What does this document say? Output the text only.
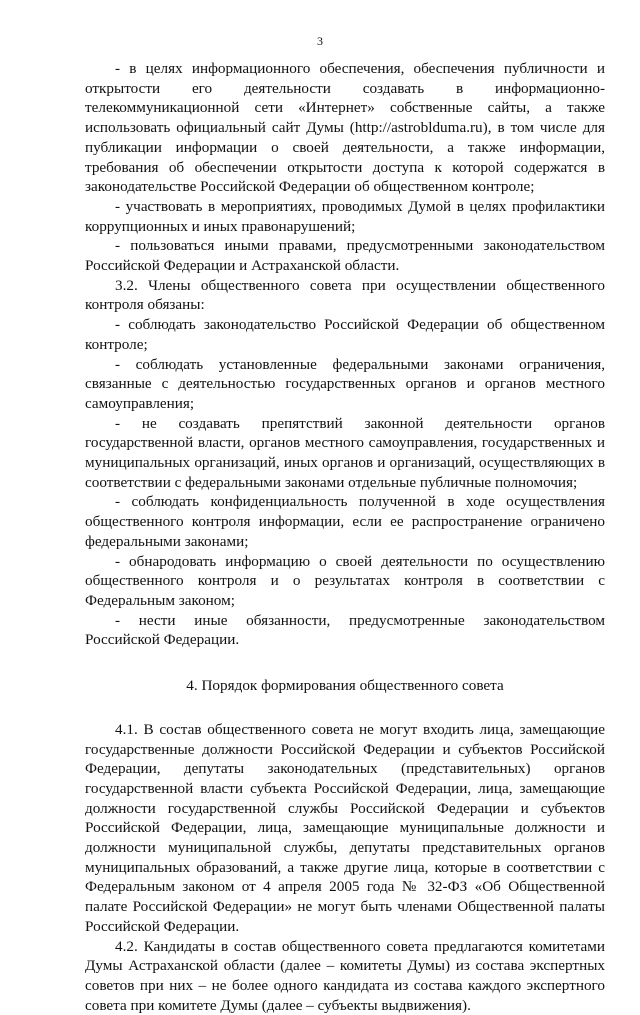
3

- в целях информационного обеспечения, обеспечения публичности и открытости его деятельности создавать в информационно-телекоммуникационной сети «Интернет» собственные сайты, а также использовать официальный сайт Думы (http://astrobldumа.ru), в том числе для публикации информации о своей деятельности, а также информации, требования об обеспечении открытости доступа к которой содержатся в законодательстве Российской Федерации об общественном контроле;

- участвовать в мероприятиях, проводимых Думой в целях профилактики коррупционных и иных правонарушений;

- пользоваться иными правами, предусмотренными законодательством Российской Федерации и Астраханской области.

3.2. Члены общественного совета при осуществлении общественного контроля обязаны:

- соблюдать законодательство Российской Федерации об общественном контроле;

- соблюдать установленные федеральными законами ограничения, связанные с деятельностью государственных органов и органов местного самоуправления;

- не создавать препятствий законной деятельности органов государственной власти, органов местного самоуправления, государственных и муниципальных организаций, иных органов и организаций, осуществляющих в соответствии с федеральными законами отдельные публичные полномочия;

- соблюдать конфиденциальность полученной в ходе осуществления общественного контроля информации, если ее распространение ограничено федеральными законами;

- обнародовать информацию о своей деятельности по осуществлению общественного контроля и о результатах контроля в соответствии с Федеральным законом;

- нести иные обязанности, предусмотренные законодательством Российской Федерации.

4. Порядок формирования общественного совета

4.1. В состав общественного совета не могут входить лица, замещающие государственные должности Российской Федерации и субъектов Российской Федерации, депутаты законодательных (представительных) органов государственной власти субъекта Российской Федерации, лица, замещающие должности государственной службы Российской Федерации и субъектов Российской Федерации, лица, замещающие муниципальные должности и должности муниципальной службы, депутаты представительных органов муниципальных образований, а также другие лица, которые в соответствии с Федеральным законом от 4 апреля 2005 года № 32-ФЗ «Об Общественной палате Российской Федерации» не могут быть членами Общественной палаты Российской Федерации.

4.2. Кандидаты в состав общественного совета предлагаются комитетами Думы Астраханской области (далее – комитеты Думы) из состава экспертных советов при них – не более одного кандидата из состава каждого экспертного совета при комитете Думы (далее – субъекты выдвижения).
